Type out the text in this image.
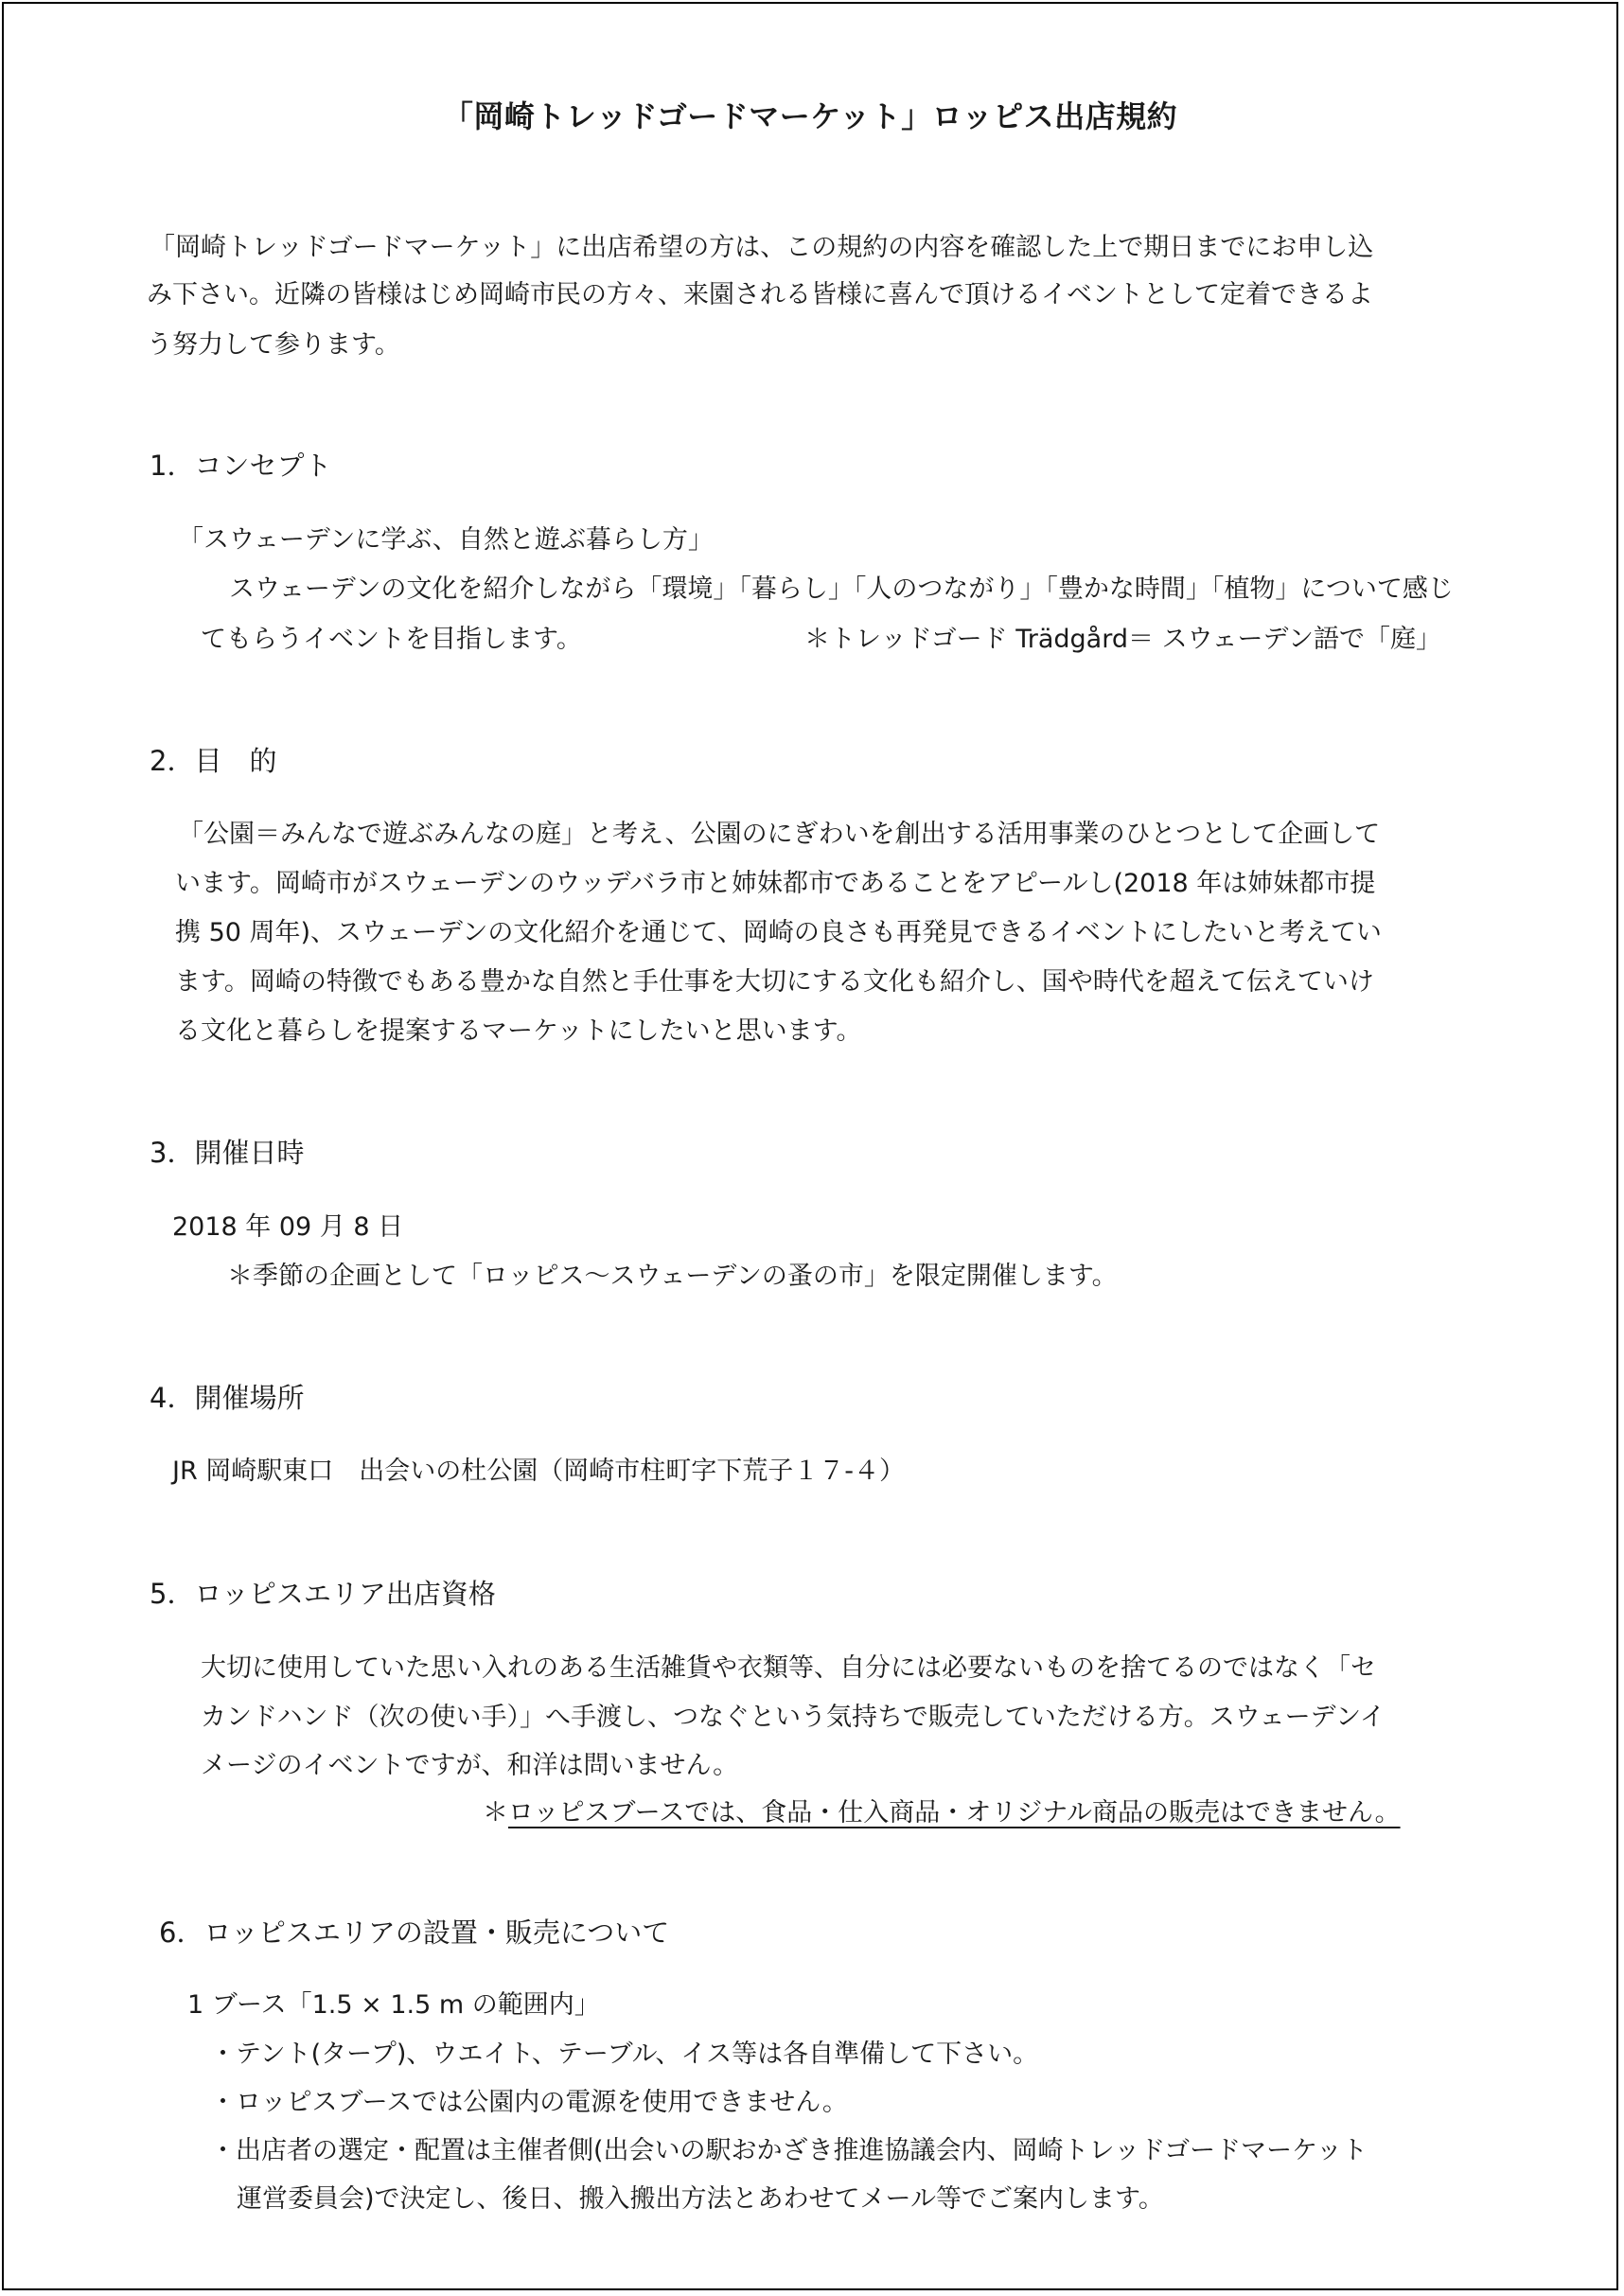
「岡崎トレッドゴードマーケット」ロッピス出店規約
「岡崎トレッドゴードマーケット」に出店希望の方は、この規約の内容を確認した上で期日までにお申し込
み下さい。近隣の皆様はじめ岡崎市民の方々、来園される皆様に喜んで頂けるイベントとして定着できるよ
う努力して参ります。
1．コンセプト
「スウェーデンに学ぶ、自然と遊ぶ暮らし方」
スウェーデンの文化を紹介しながら「環境」「暮らし」「人のつながり」「豊かな時間」「植物」について感じ
てもらうイベントを目指します。	＊トレッドゴード Trädgård＝ スウェーデン語で「庭」
2．目　的
「公園＝みんなで遊ぶみんなの庭」と考え、公園のにぎわいを創出する活用事業のひとつとして企画して
います。岡崎市がスウェーデンのウッデバラ市と姉妹都市であることをアピールし(2018 年は姉妹都市提
携 50 周年)、スウェーデンの文化紹介を通じて、岡崎の良さも再発見できるイベントにしたいと考えてい
ます。岡崎の特徴でもある豊かな自然と手仕事を大切にする文化も紹介し、国や時代を超えて伝えていけ
る文化と暮らしを提案するマーケットにしたいと思います。
3．開催日時
2018 年 09 月 8 日
＊季節の企画として「ロッピス〜スウェーデンの蚤の市」を限定開催します。
4．開催場所
JR 岡崎駅東口　出会いの杜公園（岡崎市柱町字下荒子１７-４）
5．ロッピスエリア出店資格
大切に使用していた思い入れのある生活雑貨や衣類等、自分には必要ないものを捨てるのではなく「セ
カンドハンド（次の使い手）」へ手渡し、つなぐという気持ちで販売していただける方。スウェーデンイ
メージのイベントですが、和洋は問いません。
＊ロッピスブースでは、食品・仕入商品・オリジナル商品の販売はできません。
6．ロッピスエリアの設置・販売について
1 ブース「1.5 × 1.5 m の範囲内」
・テント(タープ)、ウエイト、テーブル、イス等は各自準備して下さい。
・ロッピスブースでは公園内の電源を使用できません。
・出店者の選定・配置は主催者側(出会いの駅おかざき推進協議会内、岡崎トレッドゴードマーケット
運営委員会)で決定し、後日、搬入搬出方法とあわせてメール等でご案内します。
